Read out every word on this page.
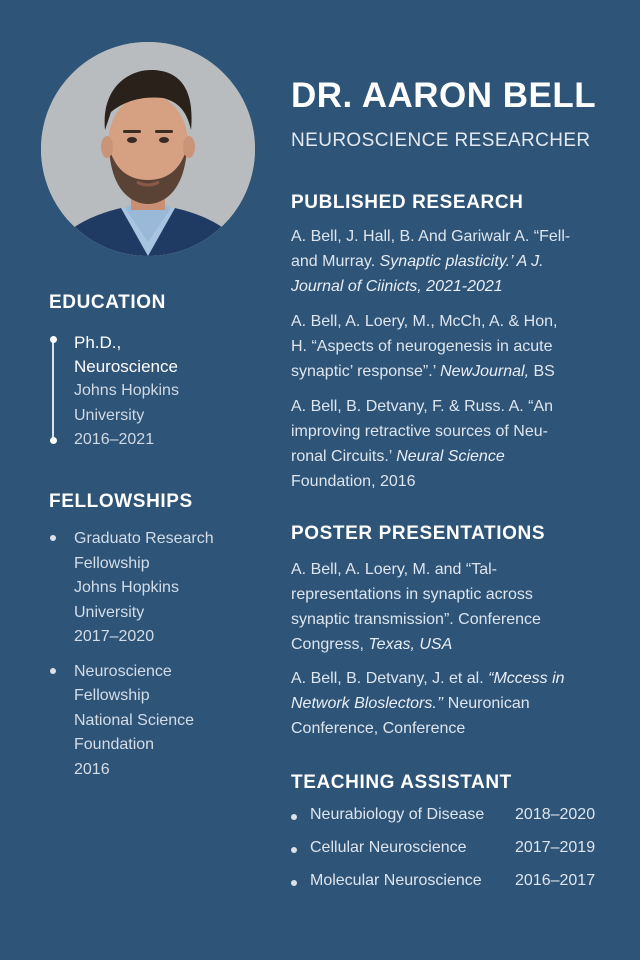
DR. AARON BELL
NEUROSCIENCE RESEARCHER
EDUCATION
Ph.D.,
Neuroscience
Johns Hopkins
University
2016–2021
FELLOWSHIPS
Graduato Research
Fellowship
Johns Hopkins
University
2017–2020
Neuroscience
Fellowship
National Science
Foundation
2016
PUBLISHED RESEARCH
A. Bell, J. Hall, B. And Gariwalr A. “Fell-
and Murray. Synaptic plasticity.’ A J.
Journal of Ciinicts, 2021-2021
A. Bell, A. Loery, M., McCh, A. & Hon,
H. “Aspects of neurogenesis in acute
synaptic’ response”.’ NewJournal, BS
A. Bell, B. Detvany, F. & Russ. A. “An
improving retractive sources of Neu-
ronal Circuits.’ Neural Science
Foundation, 2016
POSTER PRESENTATIONS
A. Bell, A. Loery, M. and “Tal-
representations in synaptic across
synaptic transmission”. Conference
Congress, Texas, USA
A. Bell, B. Detvany, J. et al. “Mccess in
Network Bloslectors.’’ Neuronican
Conference, Conference
TEACHING ASSISTANT
Neurabiology of Disease 2018–2020
Cellular Neuroscience	2017–2019
Molecular Neuroscience 2016–2017
